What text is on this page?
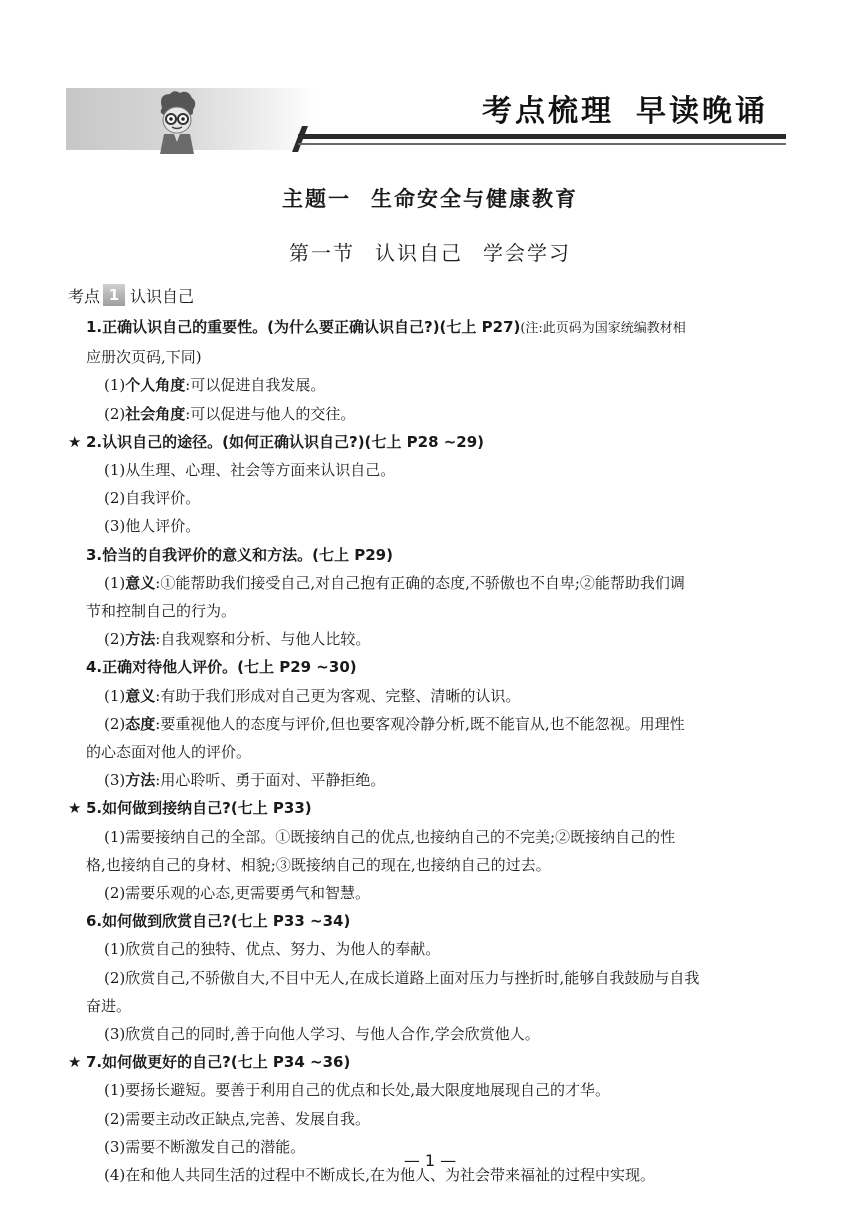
考点梳理 早读晚诵
主题一 生命安全与健康教育
第一节 认识自己 学会学习
考点 1 认识自己
1.正确认识自己的重要性。(为什么要正确认识自己?)(七上 P27)(注:此页码为国家统编教材相
应册次页码,下同)
(1)个人角度:可以促进自我发展。
(2)社会角度:可以促进与他人的交往。
★ 2.认识自己的途径。(如何正确认识自己?)(七上 P28 ~29)
(1)从生理、心理、社会等方面来认识自己。
(2)自我评价。
(3)他人评价。
3.恰当的自我评价的意义和方法。(七上 P29)
(1)意义:①能帮助我们接受自己,对自己抱有正确的态度,不骄傲也不自卑;②能帮助我们调
节和控制自己的行为。
(2)方法:自我观察和分析、与他人比较。
4.正确对待他人评价。(七上 P29 ~30)
(1)意义:有助于我们形成对自己更为客观、完整、清晰的认识。
(2)态度:要重视他人的态度与评价,但也要客观冷静分析,既不能盲从,也不能忽视。用理性
的心态面对他人的评价。
(3)方法:用心聆听、勇于面对、平静拒绝。
★ 5.如何做到接纳自己?(七上 P33)
(1)需要接纳自己的全部。①既接纳自己的优点,也接纳自己的不完美;②既接纳自己的性
格,也接纳自己的身材、相貌;③既接纳自己的现在,也接纳自己的过去。
(2)需要乐观的心态,更需要勇气和智慧。
6.如何做到欣赏自己?(七上 P33 ~34)
(1)欣赏自己的独特、优点、努力、为他人的奉献。
(2)欣赏自己,不骄傲自大,不目中无人,在成长道路上面对压力与挫折时,能够自我鼓励与自我
奋进。
(3)欣赏自己的同时,善于向他人学习、与他人合作,学会欣赏他人。
★ 7.如何做更好的自己?(七上 P34 ~36)
(1)要扬长避短。要善于利用自己的优点和长处,最大限度地展现自己的才华。
(2)需要主动改正缺点,完善、发展自我。
(3)需要不断激发自己的潜能。
(4)在和他人共同生活的过程中不断成长,在为他人、为社会带来福祉的过程中实现。
— 1 —
